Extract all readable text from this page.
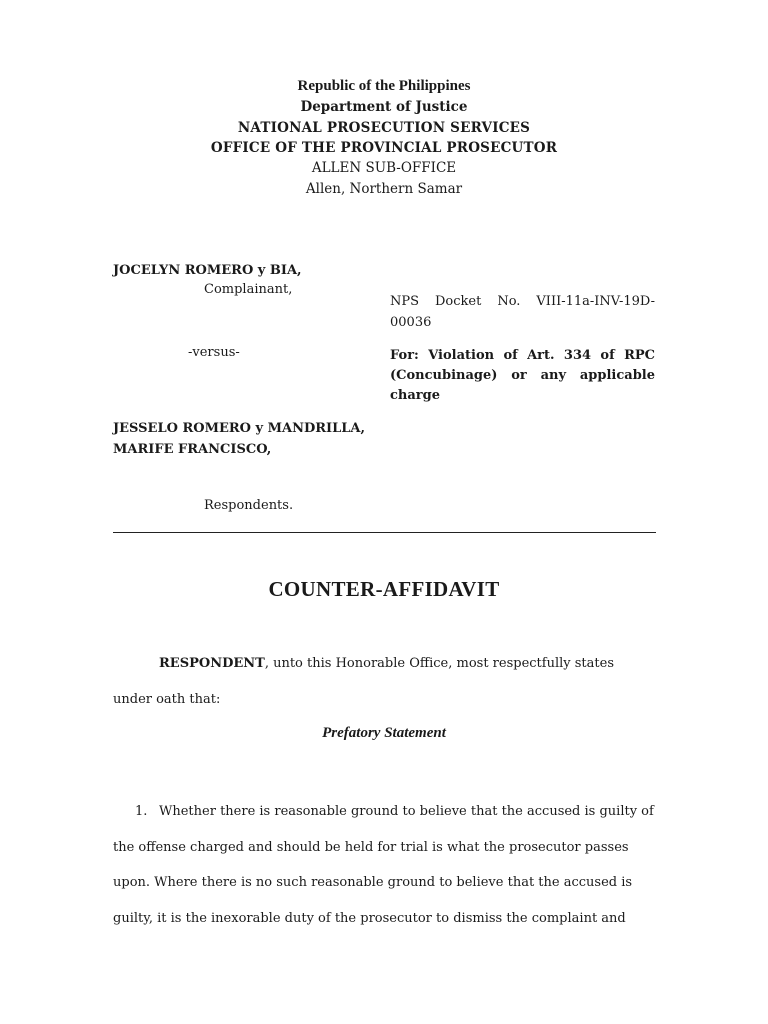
Republic of the Philippines
Department of Justice
NATIONAL PROSECUTION SERVICES
OFFICE OF THE PROVINCIAL PROSECUTOR
ALLEN SUB-OFFICE
Allen, Northern Samar
JOCELYN ROMERO y BIA,
Complainant,
-versus-
JESSELO ROMERO y MANDRILLA,
MARIFE FRANCISCO,
Respondents.
NPS Docket No. VIII-11a-INV-19D-
00036
For: Violation of Art. 334 of RPC
(Concubinage) or any applicable
charge
COUNTER-AFFIDAVIT
RESPONDENT, unto this Honorable Office, most respectfully states
under oath that:
Prefatory Statement
1. Whether there is reasonable ground to believe that the accused is guilty of
the offense charged and should be held for trial is what the prosecutor passes
upon. Where there is no such reasonable ground to believe that the accused is
guilty, it is the inexorable duty of the prosecutor to dismiss the complaint and
